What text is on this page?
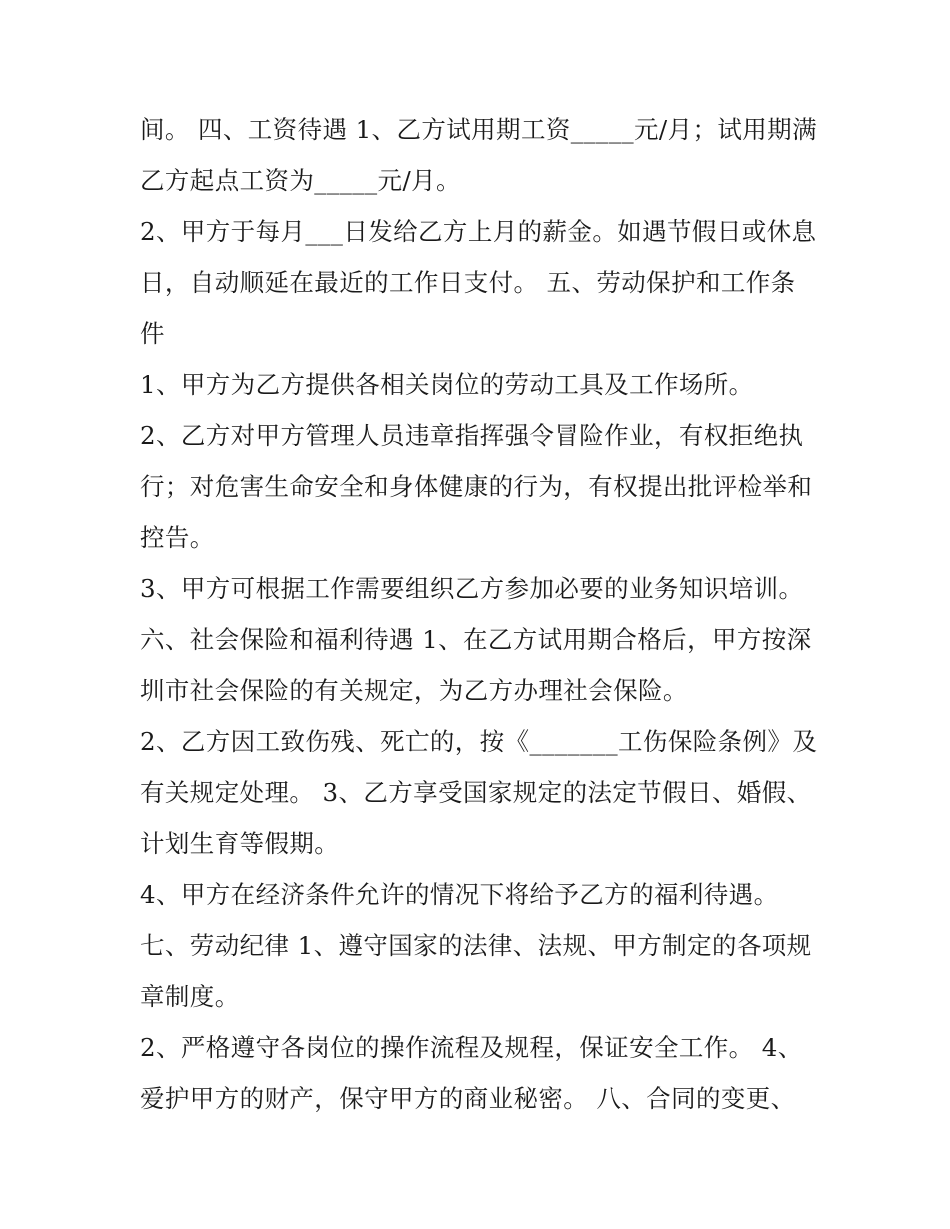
间。 四、工资待遇 1、乙方试用期工资_____元/月；试用期满
乙方起点工资为_____元/月。
2、甲方于每月___日发给乙方上月的薪金。如遇节假日或休息
日，自动顺延在最近的工作日支付。 五、劳动保护和工作条
件
1、甲方为乙方提供各相关岗位的劳动工具及工作场所。
2、乙方对甲方管理人员违章指挥强令冒险作业，有权拒绝执
行；对危害生命安全和身体健康的行为，有权提出批评检举和
控告。
3、甲方可根据工作需要组织乙方参加必要的业务知识培训。
六、社会保险和福利待遇 1、在乙方试用期合格后，甲方按深
圳市社会保险的有关规定，为乙方办理社会保险。
2、乙方因工致伤残、死亡的，按《_______工伤保险条例》及
有关规定处理。 3、乙方享受国家规定的法定节假日、婚假、
计划生育等假期。
4、甲方在经济条件允许的情况下将给予乙方的福利待遇。
七、劳动纪律 1、遵守国家的法律、法规、甲方制定的各项规
章制度。
2、严格遵守各岗位的操作流程及规程，保证安全工作。 4、
爱护甲方的财产，保守甲方的商业秘密。 八、合同的变更、
